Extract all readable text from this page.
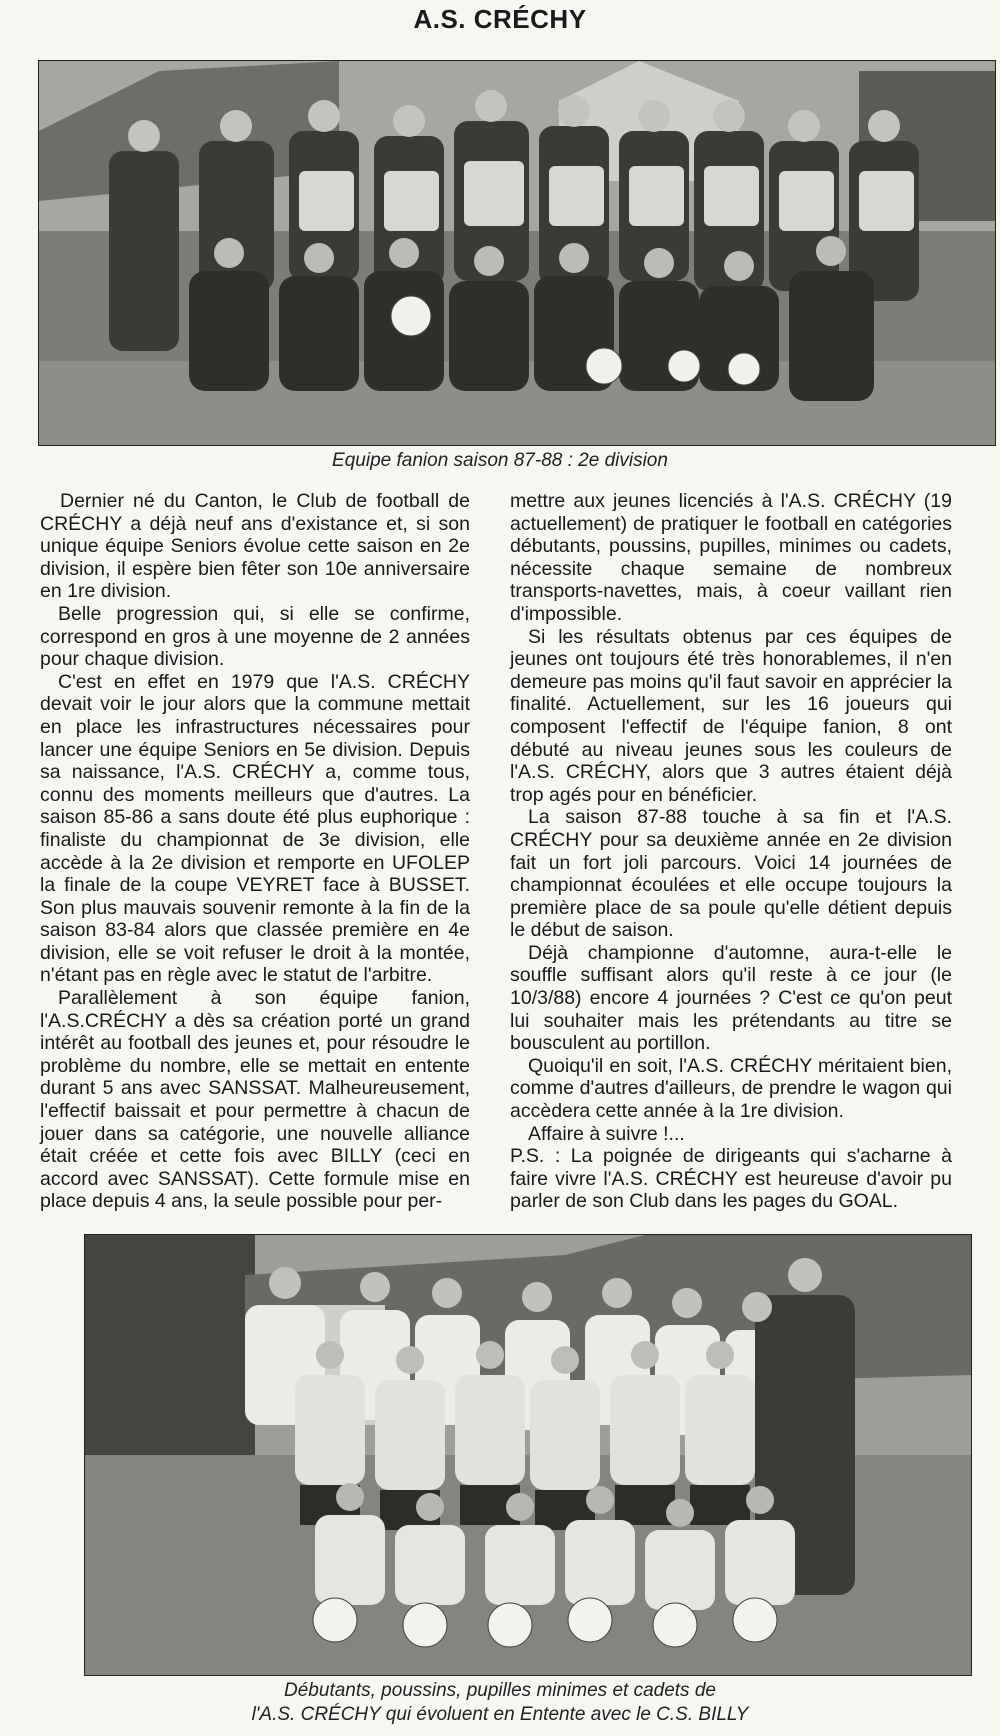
A.S. CRÉCHY
Equipe fanion saison 87-88 : 2e division

Dernier né du Canton, le Club de football de CRÉCHY a déjà neuf ans d'existance et, si son unique équipe Seniors évolue cette saison en 2e division, il espère bien fêter son 10e anniversaire en 1re division.

Belle progression qui, si elle se confirme, correspond en gros à une moyenne de 2 années pour chaque division.

C'est en effet en 1979 que l'A.S. CRÉCHY devait voir le jour alors que la commune mettait en place les infrastructures nécessaires pour lancer une équipe Seniors en 5e division. Depuis sa naissance, l'A.S. CRÉCHY a, comme tous, connu des moments meilleurs que d'autres. La saison 85-86 a sans doute été plus euphorique : finaliste du championnat de 3e division, elle accède à la 2e division et remporte en UFOLEP la finale de la coupe VEYRET face à BUSSET. Son plus mauvais souvenir remonte à la fin de la saison 83-84 alors que classée première en 4e division, elle se voit refuser le droit à la montée, n'étant pas en règle avec le statut de l'arbitre.

Parallèlement à son équipe fanion, l'A.S.CRÉCHY a dès sa création porté un grand intérêt au football des jeunes et, pour résoudre le problème du nombre, elle se mettait en entente durant 5 ans avec SANSSAT. Malheureusement, l'effectif baissait et pour permettre à chacun de jouer dans sa catégorie, une nouvelle alliance était créée et cette fois avec BILLY (ceci en accord avec SANSSAT). Cette formule mise en place depuis 4 ans, la seule possible pour per-

mettre aux jeunes licenciés à l'A.S. CRÉCHY (19 actuellement) de pratiquer le football en catégories débutants, poussins, pupilles, minimes ou cadets, nécessite chaque semaine de nombreux transports-navettes, mais, à coeur vaillant rien d'impossible.

Si les résultats obtenus par ces équipes de jeunes ont toujours été très honorablemes, il n'en demeure pas moins qu'il faut savoir en apprécier la finalité. Actuellement, sur les 16 joueurs qui composent l'effectif de l'équipe fanion, 8 ont débuté au niveau jeunes sous les couleurs de l'A.S. CRÉCHY, alors que 3 autres étaient déjà trop agés pour en bénéficier.

La saison 87-88 touche à sa fin et l'A.S. CRÉCHY pour sa deuxième année en 2e division fait un fort joli parcours. Voici 14 journées de championnat écoulées et elle occupe toujours la première place de sa poule qu'elle détient depuis le début de saison.

Déjà championne d'automne, aura-t-elle le souffle suffisant alors qu'il reste à ce jour (le 10/3/88) encore 4 journées ? C'est ce qu'on peut lui souhaiter mais les prétendants au titre se bousculent au portillon.

Quoiqu'il en soit, l'A.S. CRÉCHY méritaient bien, comme d'autres d'ailleurs, de prendre le wagon qui accèdera cette année à la 1re division.

Affaire à suivre !...

P.S. : La poignée de dirigeants qui s'acharne à faire vivre l'A.S. CRÉCHY est heureuse d'avoir pu parler de son Club dans les pages du GOAL.

Débutants, poussins, pupilles minimes et cadets de
l'A.S. CRÉCHY qui évoluent en Entente avec le C.S. BILLY
